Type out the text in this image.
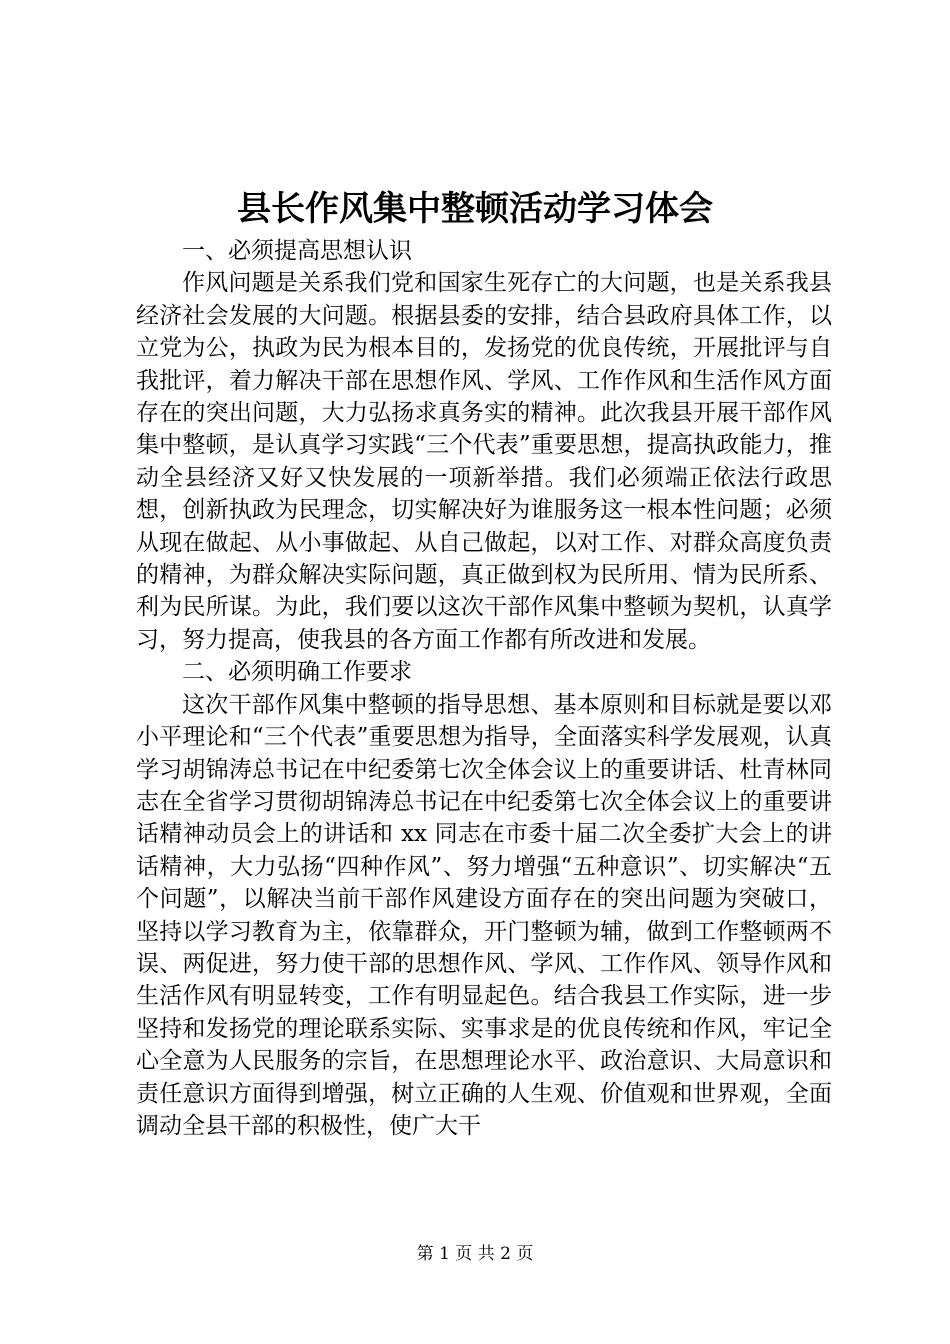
县长作风集中整顿活动学习体会

一、必须提高思想认识

作风问题是关系我们党和国家生死存亡的大问题，也是关系我县经济社会发展的大问题。根据县委的安排，结合县政府具体工作，以立党为公，执政为民为根本目的，发扬党的优良传统，开展批评与自我批评，着力解决干部在思想作风、学风、工作作风和生活作风方面存在的突出问题，大力弘扬求真务实的精神。此次我县开展干部作风集中整顿，是认真学习实践“三个代表”重要思想，提高执政能力，推动全县经济又好又快发展的一项新举措。我们必须端正依法行政思想，创新执政为民理念，切实解决好为谁服务这一根本性问题；必须从现在做起、从小事做起、从自己做起，以对工作、对群众高度负责的精神，为群众解决实际问题，真正做到权为民所用、情为民所系、利为民所谋。为此，我们要以这次干部作风集中整顿为契机，认真学习，努力提高，使我县的各方面工作都有所改进和发展。

二、必须明确工作要求

这次干部作风集中整顿的指导思想、基本原则和目标就是要以邓小平理论和“三个代表”重要思想为指导，全面落实科学发展观，认真学习胡锦涛总书记在中纪委第七次全体会议上的重要讲话、杜青林同志在全省学习贯彻胡锦涛总书记在中纪委第七次全体会议上的重要讲话精神动员会上的讲话和 xx 同志在市委十届二次全委扩大会上的讲话精神，大力弘扬“四种作风”、努力增强“五种意识”、切实解决“五个问题”，以解决当前干部作风建设方面存在的突出问题为突破口，坚持以学习教育为主，依靠群众，开门整顿为辅，做到工作整顿两不误、两促进，努力使干部的思想作风、学风、工作作风、领导作风和生活作风有明显转变，工作有明显起色。结合我县工作实际，进一步坚持和发扬党的理论联系实际、实事求是的优良传统和作风，牢记全心全意为人民服务的宗旨，在思想理论水平、政治意识、大局意识和责任意识方面得到增强，树立正确的人生观、价值观和世界观，全面调动全县干部的积极性，使广大干

第 1 页 共 2 页
